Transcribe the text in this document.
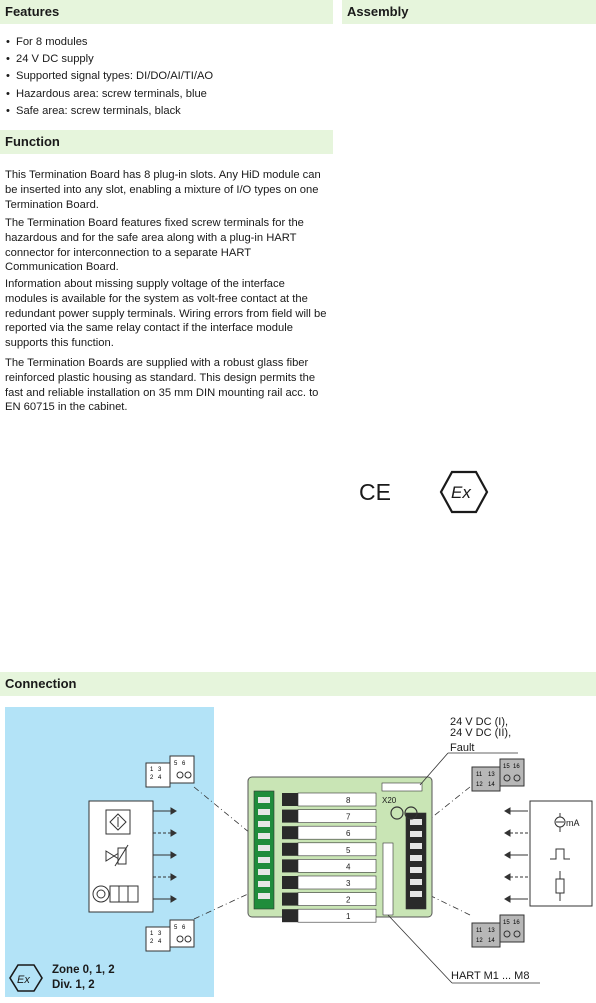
Features	Assembly
Function
Connection
• For 8 modules
• 24 V DC supply
• Supported signal types: DI/DO/AI/TI/AO
• Hazardous area: screw terminals, blue
• Safe area: screw terminals, black

This Termination Board has 8 plug-in slots. Any HiD module can be inserted into any slot, enabling a mixture of I/O types on one Termination Board.

The Termination Board features fixed screw terminals for the hazardous and for the safe area along with a plug-in HART connector for interconnection to a separate HART Communication Board.

Information about missing supply voltage of the interface modules is available for the system as volt-free contact at the redundant power supply terminals. Wiring errors from field will be reported via the same relay contact if the interface module supports this function.

The Termination Boards are supplied with a robust glass fiber reinforced plastic housing as standard. This design permits the fast and reliable installation on 35 mm DIN mounting rail acc. to EN 60715 in the cabinet.

CE	Ex
1
2
3
4
5 6
1
2
3
4
5 6
X20
8
7
6
5
4
3
2
1
24 V DC (I),
24 V DC (II),
Fault
HART M1 ... M8
11
12
13
14
15 16
11
12
13
14
15 16
mA
Ex
Zone 0, 1, 2
Div. 1, 2
